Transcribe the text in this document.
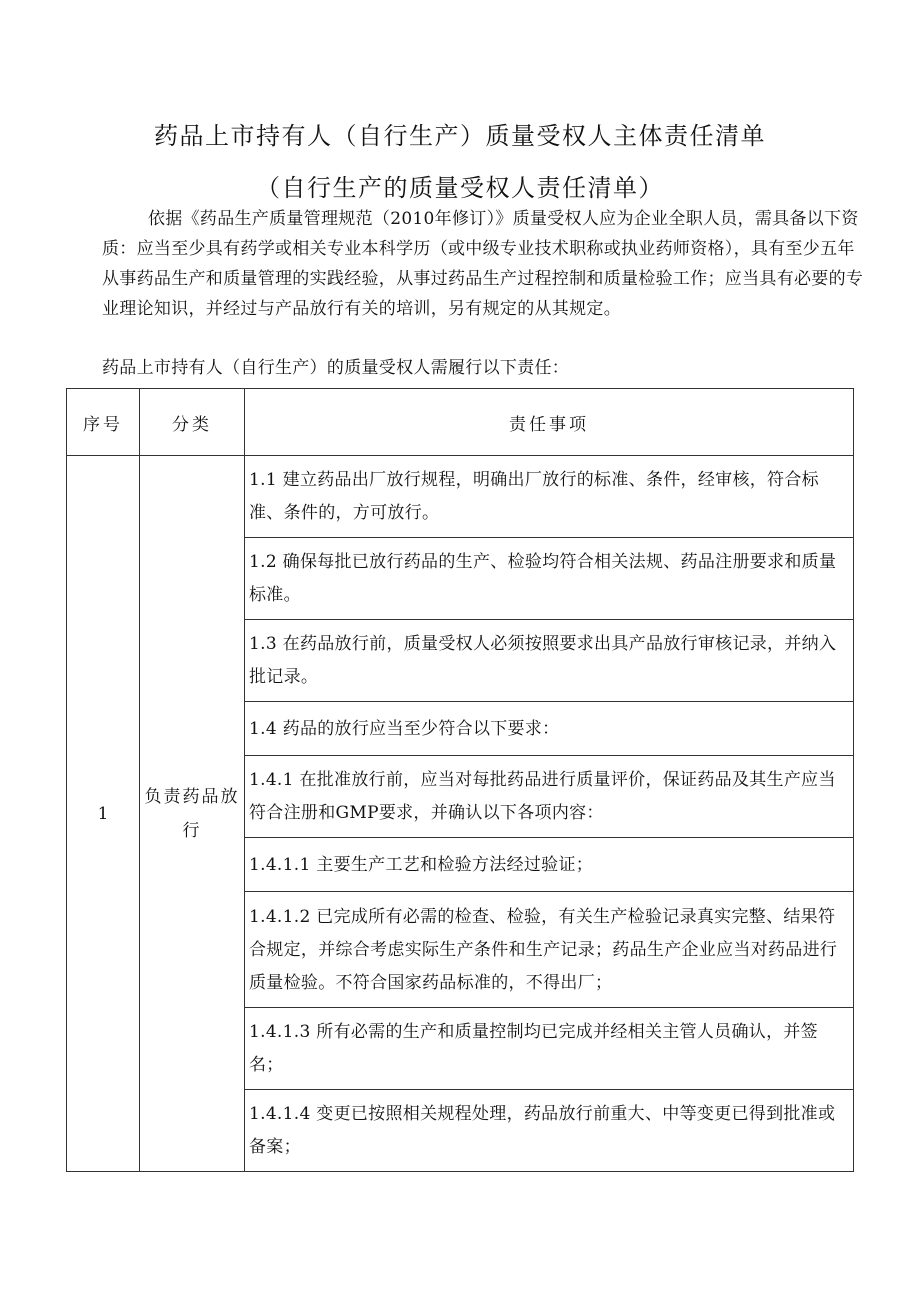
药品上市持有人（自行生产）质量受权人主体责任清单
（自行生产的质量受权人责任清单）

依据《药品生产质量管理规范（2010年修订）》质量受权人应为企业全职人员，需具备以下资质：应当至少具有药学或相关专业本科学历（或中级专业技术职称或执业药师资格），具有至少五年从事药品生产和质量管理的实践经验，从事过药品生产过程控制和质量检验工作；应当具有必要的专业理论知识，并经过与产品放行有关的培训，另有规定的从其规定。

药品上市持有人（自行生产）的质量受权人需履行以下责任：

序号	分类	责任事项
1	负责药品放行	1.1 建立药品出厂放行规程，明确出厂放行的标准、条件，经审核，符合标准、条件的，方可放行。
		1.2 确保每批已放行药品的生产、检验均符合相关法规、药品注册要求和质量标准。
		1.3 在药品放行前，质量受权人必须按照要求出具产品放行审核记录，并纳入批记录。
		1.4 药品的放行应当至少符合以下要求：
		1.4.1 在批准放行前，应当对每批药品进行质量评价，保证药品及其生产应当符合注册和GMP要求，并确认以下各项内容：
		1.4.1.1 主要生产工艺和检验方法经过验证；
		1.4.1.2 已完成所有必需的检查、检验，有关生产检验记录真实完整、结果符合规定，并综合考虑实际生产条件和生产记录；药品生产企业应当对药品进行质量检验。不符合国家药品标准的，不得出厂；
		1.4.1.3 所有必需的生产和质量控制均已完成并经相关主管人员确认，并签名；
		1.4.1.4 变更已按照相关规程处理，药品放行前重大、中等变更已得到批准或备案；
